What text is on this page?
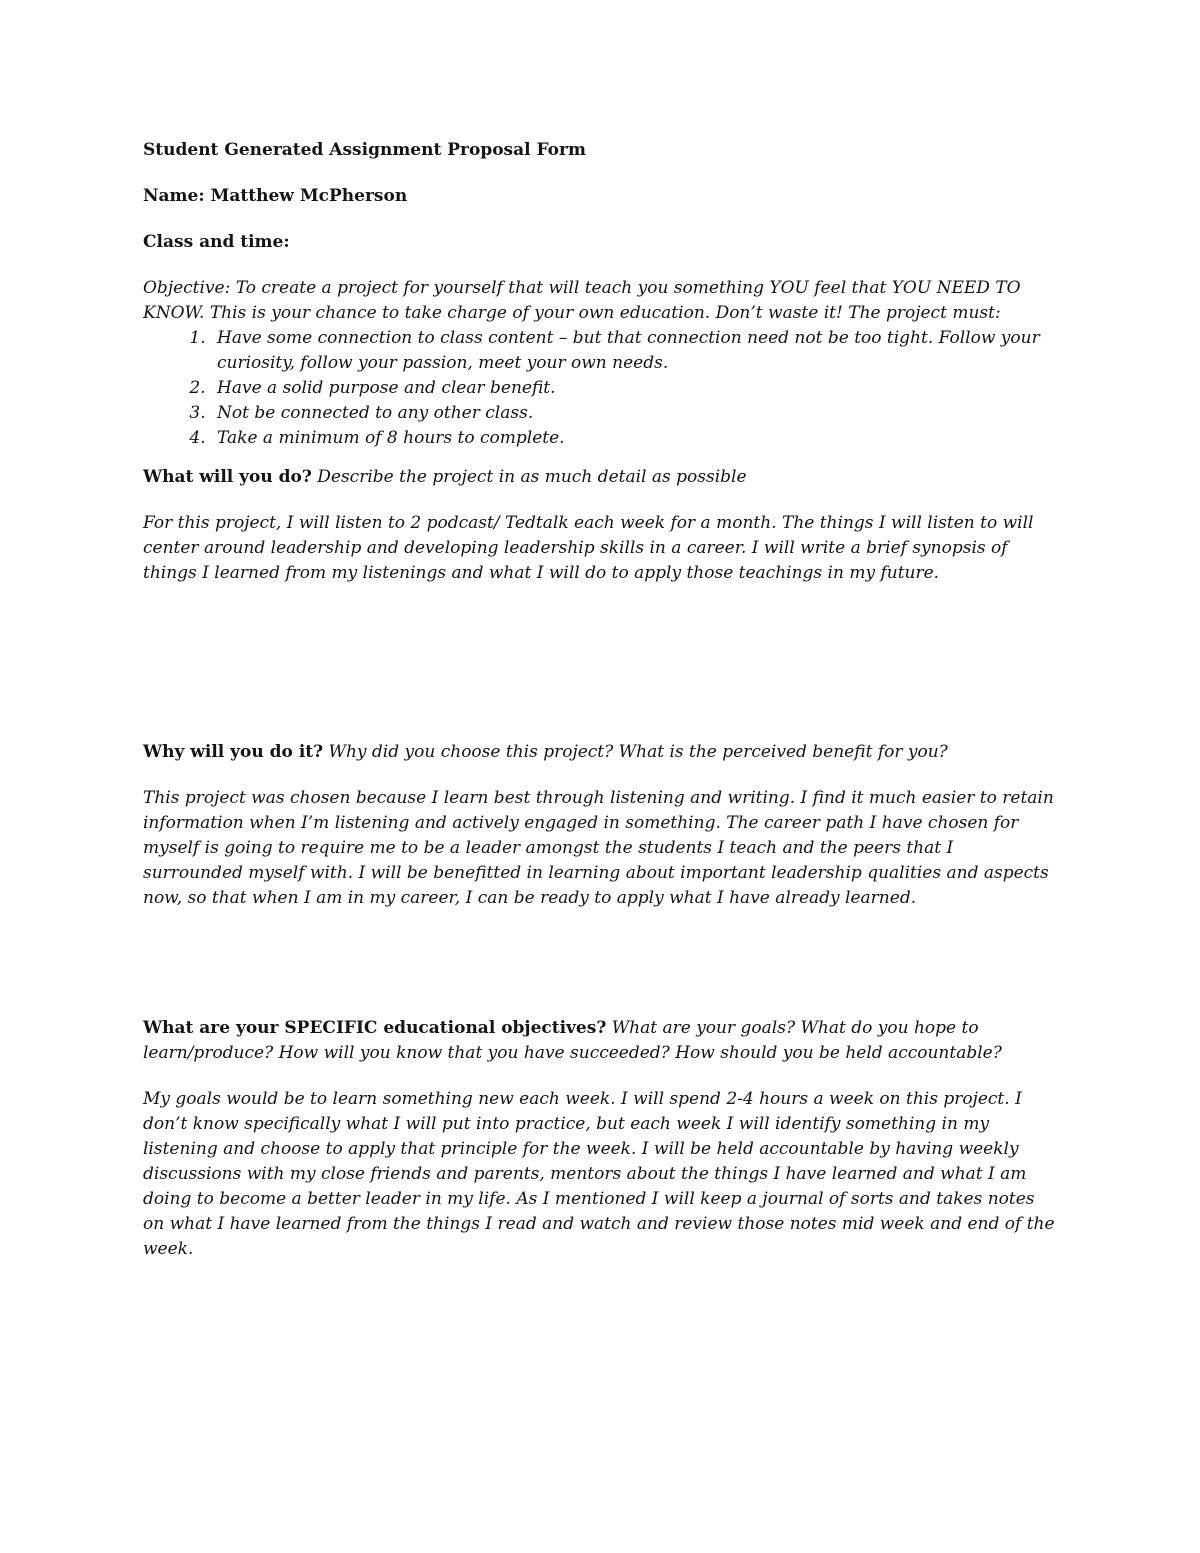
Student Generated Assignment Proposal Form

Name: Matthew McPherson

Class and time:

Objective: To create a project for yourself that will teach you something YOU feel that YOU NEED TO KNOW. This is your chance to take charge of your own education. Don’t waste it! The project must:

1. Have some connection to class content – but that connection need not be too tight. Follow your curiosity, follow your passion, meet your own needs.
2. Have a solid purpose and clear benefit.
3. Not be connected to any other class.
4. Take a minimum of 8 hours to complete.

What will you do? Describe the project in as much detail as possible

For this project, I will listen to 2 podcast/ Tedtalk each week for a month. The things I will listen to will center around leadership and developing leadership skills in a career. I will write a brief synopsis of things I learned from my listenings and what I will do to apply those teachings in my future.

Why will you do it? Why did you choose this project? What is the perceived benefit for you?

This project was chosen because I learn best through listening and writing. I find it much easier to retain information when I’m listening and actively engaged in something. The career path I have chosen for myself is going to require me to be a leader amongst the students I teach and the peers that I surrounded myself with. I will be benefitted in learning about important leadership qualities and aspects now, so that when I am in my career, I can be ready to apply what I have already learned.

What are your SPECIFIC educational objectives? What are your goals? What do you hope to learn/produce? How will you know that you have succeeded? How should you be held accountable?

My goals would be to learn something new each week. I will spend 2-4 hours a week on this project. I don’t know specifically what I will put into practice, but each week I will identify something in my listening and choose to apply that principle for the week. I will be held accountable by having weekly discussions with my close friends and parents, mentors about the things I have learned and what I am doing to become a better leader in my life. As I mentioned I will keep a journal of sorts and takes notes on what I have learned from the things I read and watch and review those notes mid week and end of the week.
